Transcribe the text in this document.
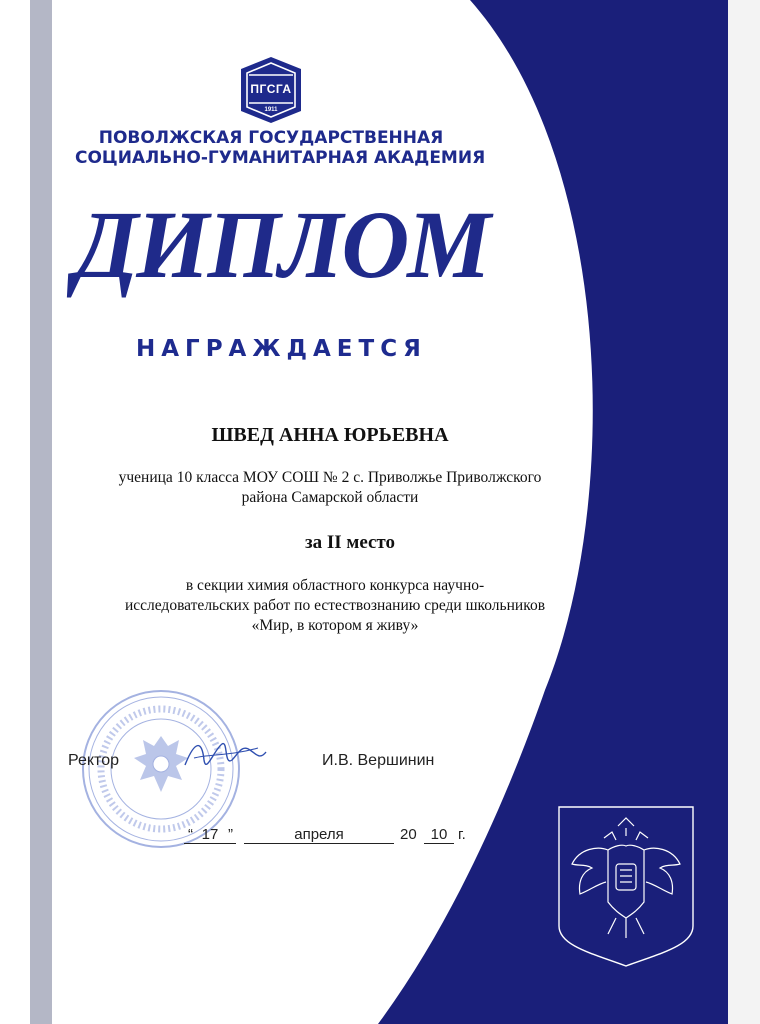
ПГСГА
1911
ПОВОЛЖСКАЯ ГОСУДАРСТВЕННАЯ
СОЦИАЛЬНО-ГУМАНИТАРНАЯ АКАДЕМИЯ
ДИПЛОМ
НАГРАЖДАЕТСЯ
ШВЕД АННА ЮРЬЕВНА
ученица 10 класса МОУ СОШ № 2 с. Приволжье Приволжского
района Самарской области
за II место
в секции химия областного конкурса научно-
исследовательских работ по естествознанию среди школьников
«Мир, в котором я живу»
Ректор	И.В. Вершинин
“ 17 ”	апреля	20 10 г.
